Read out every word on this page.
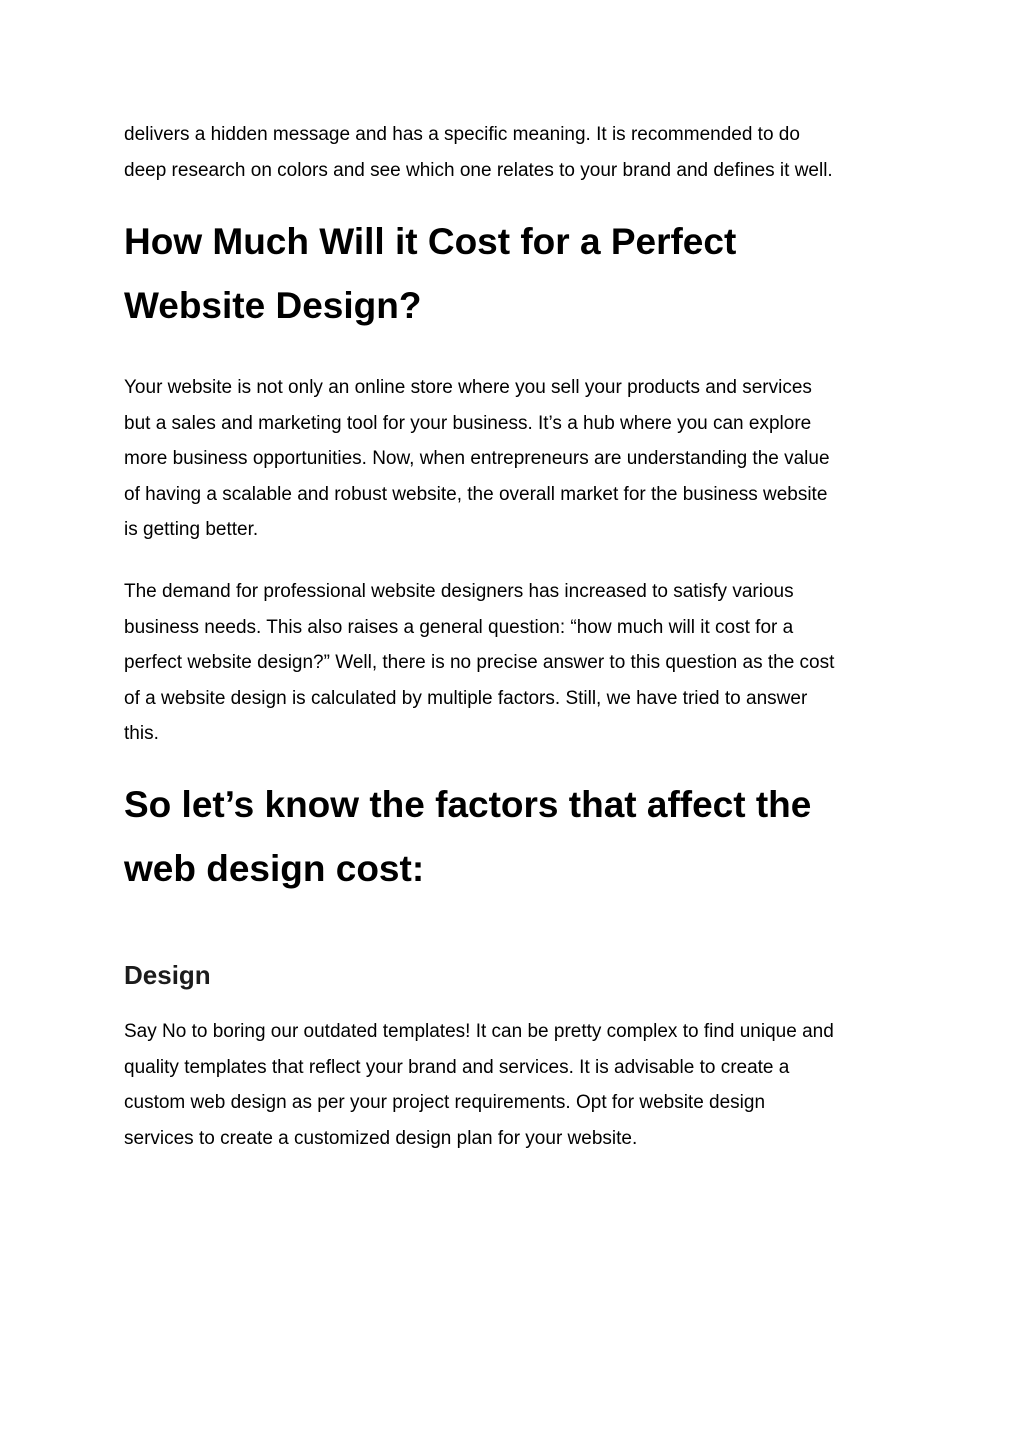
delivers a hidden message and has a specific meaning. It is recommended to do
deep research on colors and see which one relates to your brand and defines it well.

How Much Will it Cost for a Perfect
Website Design?

Your website is not only an online store where you sell your products and services
but a sales and marketing tool for your business. It’s a hub where you can explore
more business opportunities. Now, when entrepreneurs are understanding the value
of having a scalable and robust website, the overall market for the business website
is getting better.

The demand for professional website designers has increased to satisfy various
business needs. This also raises a general question: “how much will it cost for a
perfect website design?” Well, there is no precise answer to this question as the cost
of a website design is calculated by multiple factors. Still, we have tried to answer
this.

So let’s know the factors that affect the
web design cost:
Design

Say No to boring our outdated templates! It can be pretty complex to find unique and
quality templates that reflect your brand and services. It is advisable to create a
custom web design as per your project requirements. Opt for website design
services to create a customized design plan for your website.
